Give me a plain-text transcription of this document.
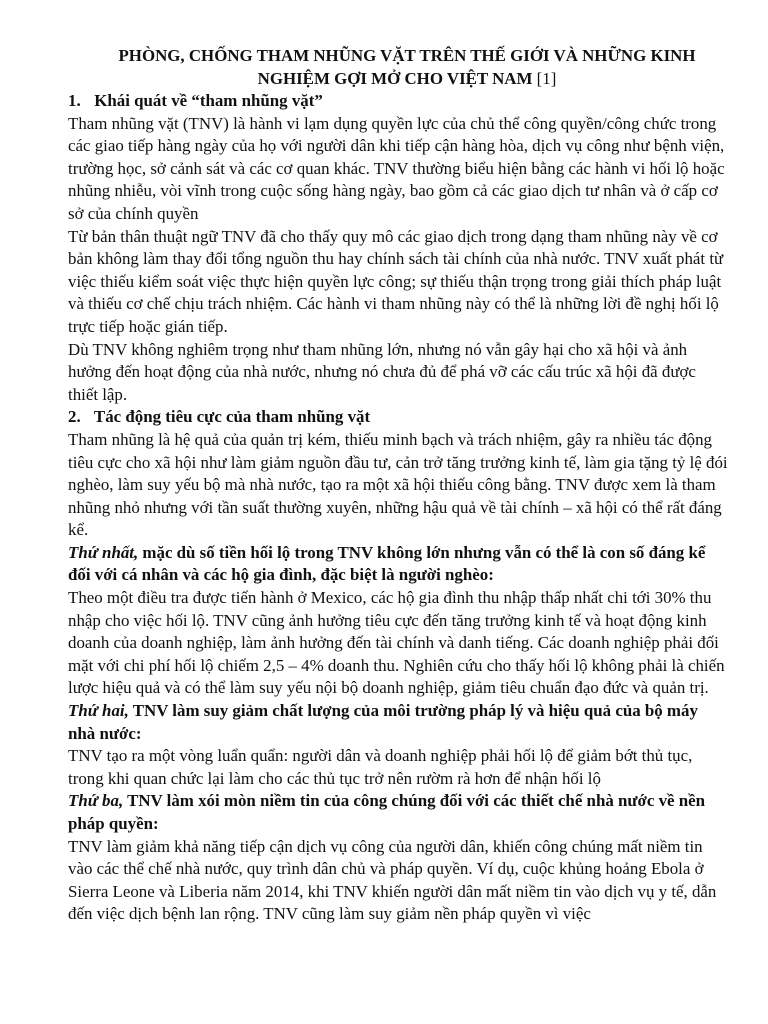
PHÒNG, CHỐNG THAM NHŨNG VẶT TRÊN THẾ GIỚI VÀ NHỮNG KINH
NGHIỆM GỢI MỞ CHO VIỆT NAM [1]

1. Khái quát về “tham nhũng vặt”

Tham nhũng vặt (TNV) là hành vi lạm dụng quyền lực của chủ thể công quyền/công chức trong các giao tiếp hàng ngày của họ với người dân khi tiếp cận hàng hòa, dịch vụ công như bệnh viện, trường học, sở cảnh sát và các cơ quan khác. TNV thường biểu hiện bằng các hành vi hối lộ hoặc nhũng nhiễu, vòi vĩnh trong cuộc sống hàng ngày, bao gồm cả các giao dịch tư nhân và ở cấp cơ sở của chính quyền

Từ bản thân thuật ngữ TNV đã cho thấy quy mô các giao dịch trong dạng tham nhũng này về cơ bản không làm thay đổi tổng nguồn thu hay chính sách tài chính của nhà nước. TNV xuất phát từ việc thiếu kiểm soát việc thực hiện quyền lực công; sự thiếu thận trọng trong giải thích pháp luật và thiếu cơ chế chịu trách nhiệm. Các hành vi tham nhũng này có thể là những lời đề nghị hối lộ trực tiếp hoặc gián tiếp.

Dù TNV không nghiêm trọng như tham nhũng lớn, nhưng nó vẫn gây hại cho xã hội và ảnh hưởng đến hoạt động của nhà nước, nhưng nó chưa đủ để phá vỡ các cấu trúc xã hội đã được thiết lập.

2. Tác động tiêu cực của tham nhũng vặt

Tham nhũng là hệ quả của quản trị kém, thiếu minh bạch và trách nhiệm, gây ra nhiều tác động tiêu cực cho xã hội như làm giảm nguồn đầu tư, cản trở tăng trưởng kinh tế, làm gia tặng tỷ lệ đói nghèo, làm suy yếu bộ mà nhà nước, tạo ra một xã hội thiếu công bằng. TNV được xem là tham nhũng nhỏ nhưng với tần suất thường xuyên, những hậu quả về tài chính – xã hội có thể rất đáng kể.

Thứ nhất, mặc dù số tiền hối lộ trong TNV không lớn nhưng vẫn có thể là con số đáng kể đối với cá nhân và các hộ gia đình, đặc biệt là người nghèo:

Theo một điều tra được tiến hành ở Mexico, các hộ gia đình thu nhập thấp nhất chi tới 30% thu nhập cho việc hối lộ. TNV cũng ảnh hưởng tiêu cực đến tăng trưởng kinh tế và hoạt động kinh doanh của doanh nghiệp, làm ảnh hưởng đến tài chính và danh tiếng. Các doanh nghiệp phải đối mặt với chi phí hối lộ chiếm 2,5 – 4% doanh thu. Nghiên cứu cho thấy hối lộ không phải là chiến lược hiệu quả và có thể làm suy yếu nội bộ doanh nghiệp, giảm tiêu chuẩn đạo đức và quản trị.

Thứ hai, TNV làm suy giảm chất lượng của môi trường pháp lý và hiệu quả của bộ máy nhà nước:

TNV tạo ra một vòng luẩn quẩn: người dân và doanh nghiệp phải hối lộ để giảm bớt thủ tục, trong khi quan chức lại làm cho các thủ tục trở nên rườm rà hơn để nhận hối lộ

Thứ ba, TNV làm xói mòn niềm tin của công chúng đối với các thiết chế nhà nước về nền pháp quyền:

TNV làm giảm khả năng tiếp cận dịch vụ công của người dân, khiến công chúng mất niềm tin vào các thể chế nhà nước, quy trình dân chủ và pháp quyền. Ví dụ, cuộc khủng hoảng Ebola ở Sierra Leone và Liberia năm 2014, khi TNV khiến người dân mất niềm tin vào dịch vụ y tế, dẫn đến việc dịch bệnh lan rộng. TNV cũng làm suy giảm nền pháp quyền vì việc
